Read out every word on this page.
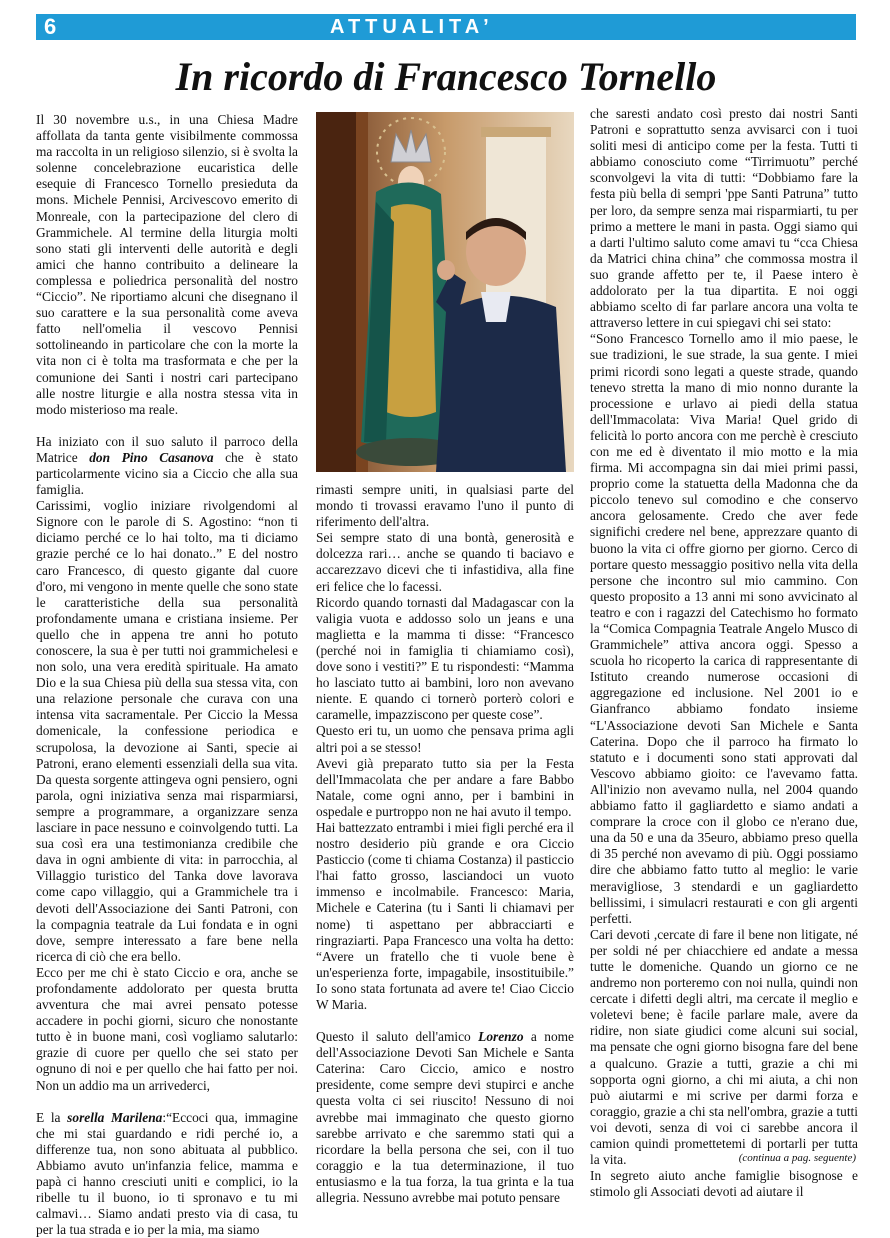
6	ATTUALITA’
In ricordo di Francesco Tornello

Il 30 novembre u.s., in una Chiesa Madre affollata da tanta gente visibilmente commossa ma raccolta in un religioso silenzio, si è svolta la solenne concelebrazione eucaristica delle esequie di Francesco Tornello presieduta da mons. Michele Pennisi, Arcivescovo emerito di Monreale, con la partecipazione del clero di Grammichele. Al termine della liturgia molti sono stati gli interventi delle autorità e degli amici che hanno contribuito a delineare la complessa e poliedrica personalità del nostro “Ciccio”. Ne riportiamo alcuni che disegnano il suo carattere e la sua personalità come aveva fatto nell'omelia il vescovo Pennisi sottolineando in particolare che con la morte la vita non ci è tolta ma trasformata e che per la comunione dei Santi i nostri cari partecipano alle nostre liturgie e alla nostra stessa vita in modo misterioso ma reale.

Ha iniziato con il suo saluto il parroco della Matrice don Pino Casanova che è stato particolarmente vicino sia a Ciccio che alla sua famiglia.

Carissimi, voglio iniziare rivolgendomi al Signore con le parole di S. Agostino: “non ti diciamo perché ce lo hai tolto, ma ti diciamo grazie perché ce lo hai donato..” E del nostro caro Francesco, di questo gigante dal cuore d'oro, mi vengono in mente quelle che sono state le caratteristiche della sua personalità profondamente umana e cristiana insieme. Per quello che in appena tre anni ho potuto conoscere, la sua è per tutti noi grammichelesi e non solo, una vera eredità spirituale. Ha amato Dio e la sua Chiesa più della sua stessa vita, con una relazione personale che curava con una intensa vita sacramentale. Per Ciccio la Messa domenicale, la confessione periodica e scrupolosa, la devozione ai Santi, specie ai Patroni, erano elementi essenziali della sua vita. Da questa sorgente attingeva ogni pensiero, ogni parola, ogni iniziativa senza mai risparmiarsi, sempre a programmare, a organizzare senza lasciare in pace nessuno e coinvolgendo tutti. La sua così era una testimonianza credibile che dava in ogni ambiente di vita: in parrocchia, al Villaggio turistico del Tanka dove lavorava come capo villaggio, qui a Grammichele tra i devoti dell'Associazione dei Santi Patroni, con la compagnia teatrale da Lui fondata e in ogni dove, sempre interessato a fare bene nella ricerca di ciò che era bello.

Ecco per me chi è stato Ciccio e ora, anche se profondamente addolorato per questa brutta avventura che mai avrei pensato potesse accadere in pochi giorni, sicuro che nonostante tutto è in buone mani, così vogliamo salutarlo: grazie di cuore per quello che sei stato per ognuno di noi e per quello che hai fatto per noi. Non un addio ma un arrivederci,

E la sorella Marilena:“Eccoci qua, immagine che mi stai guardando e ridi perché io, a differenze tua, non sono abituata al pubblico. Abbiamo avuto un'infanzia felice, mamma e papà ci hanno cresciuti uniti e complici, io la ribelle tu il buono, io ti spronavo e tu mi calmavi… Siamo andati presto via di casa, tu per la tua strada e io per la mia, ma siamo

rimasti sempre uniti, in qualsiasi parte del mondo ti trovassi eravamo l'uno il punto di riferimento dell'altra.

Sei sempre stato di una bontà, generosità e dolcezza rari… anche se quando ti baciavo e accarezzavo dicevi che ti infastidiva, alla fine eri felice che lo facessi.

Ricordo quando tornasti dal Madagascar con la valigia vuota e addosso solo un jeans e una maglietta e la mamma ti disse: “Francesco (perché noi in famiglia ti chiamiamo così), dove sono i vestiti?” E tu rispondesti: “Mamma ho lasciato tutto ai bambini, loro non avevano niente. E quando ci tornerò porterò colori e caramelle, impazziscono per queste cose”.

Questo eri tu, un uomo che pensava prima agli altri poi a se stesso!

Avevi già preparato tutto sia per la Festa dell'Immacolata che per andare a fare Babbo Natale, come ogni anno, per i bambini in ospedale e purtroppo non ne hai avuto il tempo.

Hai battezzato entrambi i miei figli perché era il nostro desiderio più grande e ora Ciccio Pasticcio (come ti chiama Costanza) il pasticcio l'hai fatto grosso, lasciandoci un vuoto immenso e incolmabile. Francesco: Maria, Michele e Caterina (tu i Santi li chiamavi per nome) ti aspettano per abbracciarti e ringraziarti. Papa Francesco una volta ha detto: “Avere un fratello che ti vuole bene è un'esperienza forte, impagabile, insostituibile.” Io sono stata fortunata ad avere te! Ciao Ciccio W Maria.

Questo il saluto dell'amico Lorenzo a nome dell'Associazione Devoti San Michele e Santa Caterina: Caro Ciccio, amico e nostro presidente, come sempre devi stupirci e anche questa volta ci sei riuscito! Nessuno di noi avrebbe mai immaginato che questo giorno sarebbe arrivato e che saremmo stati qui a ricordare la bella persona che sei, con il tuo coraggio e la tua determinazione, il tuo entusiasmo e la tua forza, la tua grinta e la tua allegria. Nessuno avrebbe mai potuto pensare

che saresti andato così presto dai nostri Santi Patroni e soprattutto senza avvisarci con i tuoi soliti mesi di anticipo come per la festa. Tutti ti abbiamo conosciuto come “Tirrimuotu” perché sconvolgevi la vita di tutti: “Dobbiamo fare la festa più bella di sempri 'ppe Santi Patruna” tutto per loro, da sempre senza mai risparmiarti, tu per primo a mettere le mani in pasta. Oggi siamo qui a darti l'ultimo saluto come amavi tu “cca Chiesa da Matrici china china” che commossa mostra il suo grande affetto per te, il Paese intero è addolorato per la tua dipartita. E noi oggi abbiamo scelto di far parlare ancora una volta te attraverso lettere in cui spiegavi chi sei stato:

“Sono Francesco Tornello amo il mio paese, le sue tradizioni, le sue strade, la sua gente. I miei primi ricordi sono legati a queste strade, quando tenevo stretta la mano di mio nonno durante la processione e urlavo ai piedi della statua dell'Immacolata: Viva Maria! Quel grido di felicità lo porto ancora con me perchè è cresciuto con me ed è diventato il mio motto e la mia firma. Mi accompagna sin dai miei primi passi, proprio come la statuetta della Madonna che da piccolo tenevo sul comodino e che conservo ancora gelosamente. Credo che aver fede significhi credere nel bene, apprezzare quanto di buono la vita ci offre giorno per giorno. Cerco di portare questo messaggio positivo nella vita della persone che incontro sul mio cammino. Con questo proposito a 13 anni mi sono avvicinato al teatro e con i ragazzi del Catechismo ho formato la “Comica Compagnia Teatrale Angelo Musco di Grammichele” attiva ancora oggi. Spesso a scuola ho ricoperto la carica di rappresentante di Istituto creando numerose occasioni di aggregazione ed inclusione. Nel 2001 io e Gianfranco abbiamo fondato insieme “L'Associazione devoti San Michele e Santa Caterina. Dopo che il parroco ha firmato lo statuto e i documenti sono stati approvati dal Vescovo abbiamo gioito: ce l'avevamo fatta. All'inizio non avevamo nulla, nel 2004 quando abbiamo fatto il gagliardetto e siamo andati a comprare la croce con il globo ce n'erano due, una da 50 e una da 35euro, abbiamo preso quella di 35 perché non avevamo di più. Oggi possiamo dire che abbiamo fatto tutto al meglio: le varie meravigliose, 3 stendardi e un gagliardetto bellissimi, i simulacri restaurati e con gli argenti perfetti.

Cari devoti ,cercate di fare il bene non litigate, né per soldi né per chiacchiere ed andate a messa tutte le domeniche. Quando un giorno ce ne andremo non porteremo con noi nulla, quindi non cercate i difetti degli altri, ma cercate il meglio e voletevi bene; è facile parlare male, avere da ridire, non siate giudici come alcuni sui social, ma pensate che ogni giorno bisogna fare del bene a qualcuno. Grazie a tutti, grazie a chi mi sopporta ogni giorno, a chi mi aiuta, a chi non può aiutarmi e mi scrive per darmi forza e coraggio, grazie a chi sta nell'ombra, grazie a tutti voi devoti, senza di voi ci sarebbe ancora il camion quindi promettetemi di portarli per tutta la vita.

In segreto aiuto anche famiglie bisognose e stimolo gli Associati devoti ad aiutare il

(continua a pag. seguente)
